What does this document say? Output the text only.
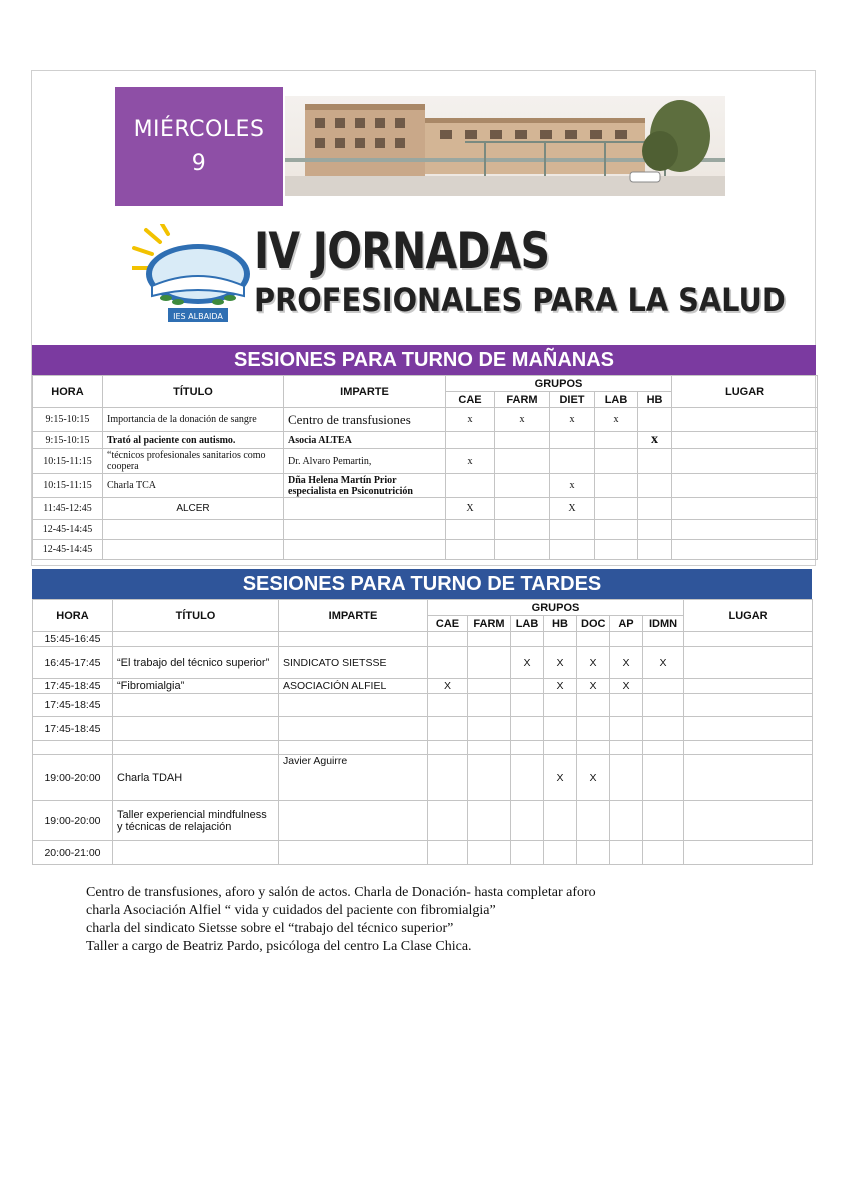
MIÉRCOLES
9
IES ALBAIDA
IV JORNADAS
PROFESIONALES PARA LA SALUD
SESIONES PARA TURNO DE MAÑANAS
HORA	TÍTULO	IMPARTE	GRUPOS					LUGAR
			CAE	FARM	DIET	LAB	HB	
9:15-10:15	Importancia de la donación de sangre	Centro de transfusiones	x	x	x	x		
9:15-10:15	Trató al paciente con autismo.	Asocia ALTEA					x	
10:15-11:15	“técnicos profesionales sanitarios como coopera	Dr. Alvaro Pemartin,	x					
10:15-11:15	Charla TCA	Dña Helena Martín Prior especialista en Psiconutrición			x			
11:45-12:45	ALCER		X		X			
12-45-14:45								
12-45-14:45								
SESIONES PARA TURNO DE TARDES
HORA	TÍTULO	IMPARTE	GRUPOS							LUGAR
			CAE	FARM	LAB	HB	DOC	AP	IDMN	
15:45-16:45										
16:45-17:45	“El trabajo del técnico superior”	SINDICATO SIETSSE			X	X	X	X	X	
17:45-18:45	“Fibromialgia”	ASOCIACIÓN ALFIEL	X			X	X	X		
17:45-18:45										
17:45-18:45										

19:00-20:00	Charla TDAH	Javier Aguirre				X	X			
19:00-20:00	Taller experiencial mindfulness y técnicas de relajación									
20:00-21:00										
Centro de transfusiones, aforo y salón de actos. Charla de Donación- hasta completar aforo
charla Asociación Alfiel “ vida y cuidados del paciente con fibromialgia”
charla del sindicato Sietsse sobre el “trabajo del técnico superior”
Taller a cargo de Beatriz Pardo, psicóloga del centro La Clase Chica.
